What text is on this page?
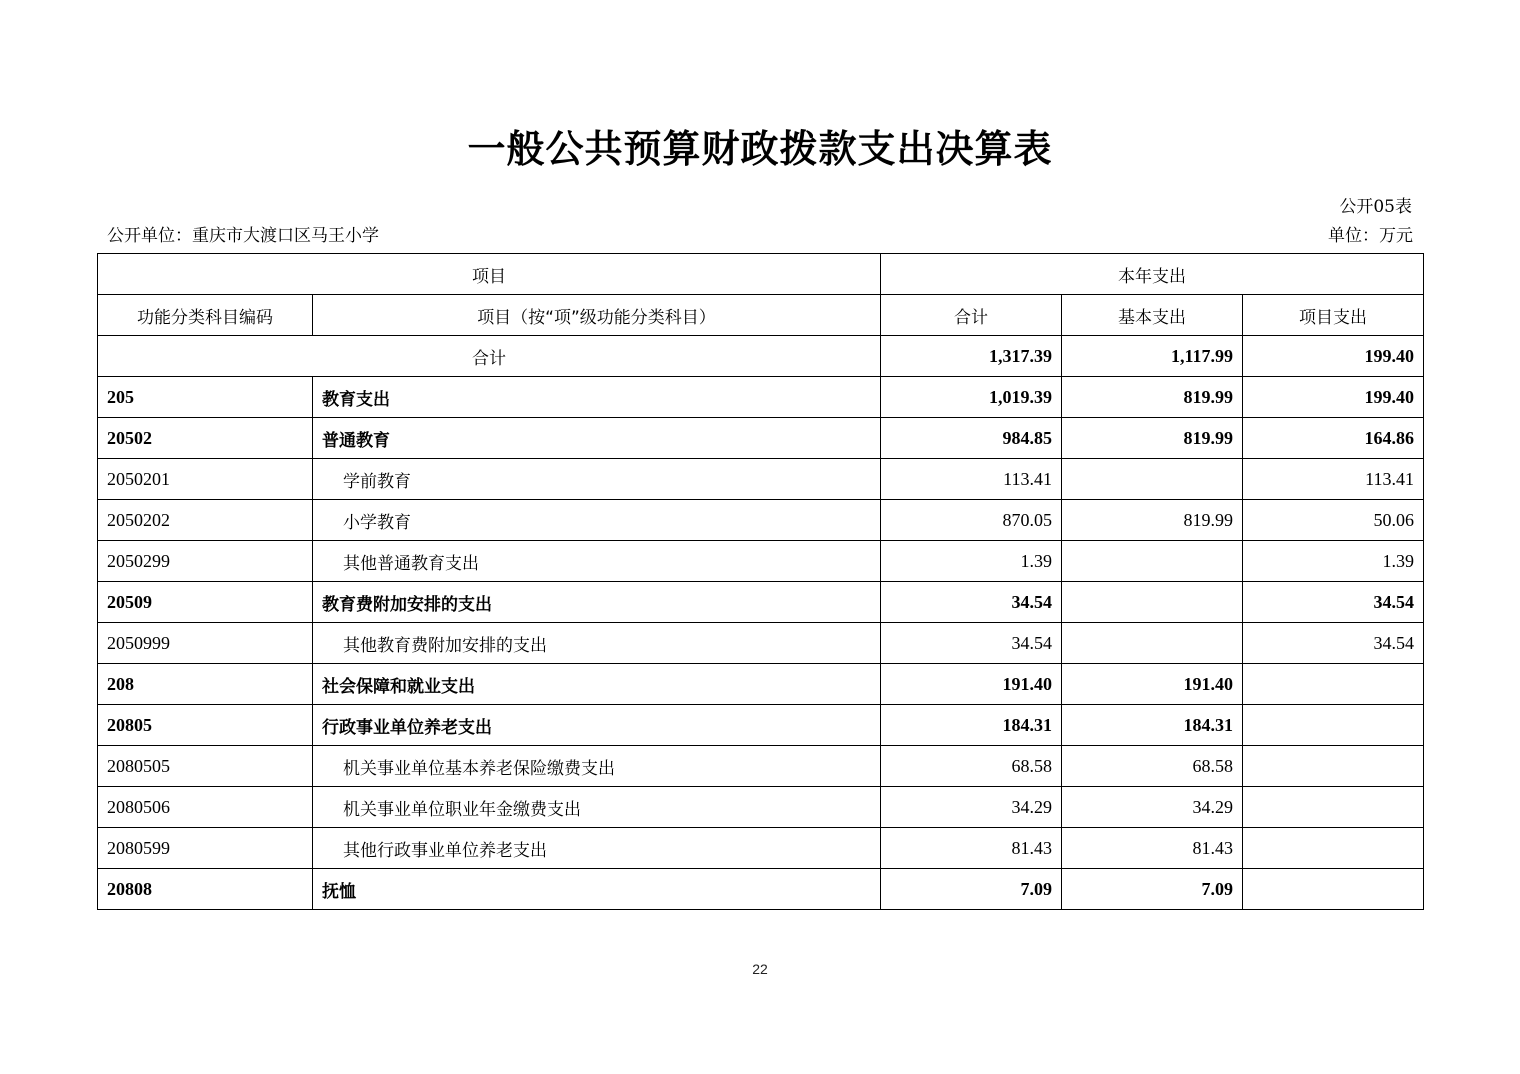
一般公共预算财政拨款支出决算表
公开05表
公开单位：重庆市大渡口区马王小学	单位：万元
项目		本年支出		
功能分类科目编码	项目（按“项”级功能分类科目）	合计	基本支出	项目支出
合计		1,317.39	1,117.99	199.40
205	教育支出	1,019.39	819.99	199.40
20502	普通教育	984.85	819.99	164.86
2050201	学前教育	113.41		113.41
2050202	小学教育	870.05	819.99	50.06
2050299	其他普通教育支出	1.39		1.39
20509	教育费附加安排的支出	34.54		34.54
2050999	其他教育费附加安排的支出	34.54		34.54
208	社会保障和就业支出	191.40	191.40	
20805	行政事业单位养老支出	184.31	184.31	
2080505	机关事业单位基本养老保险缴费支出	68.58	68.58	
2080506	机关事业单位职业年金缴费支出	34.29	34.29	
2080599	其他行政事业单位养老支出	81.43	81.43	
20808	抚恤	7.09	7.09	
22
